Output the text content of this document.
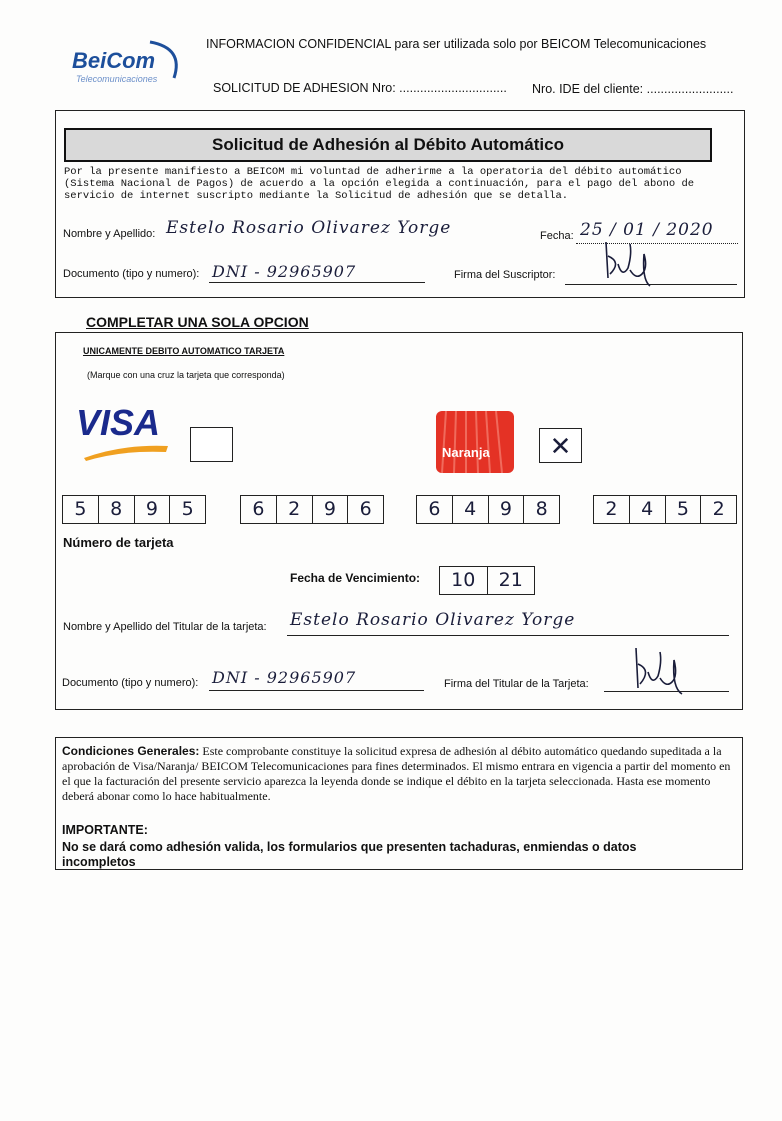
BeiCom
Telecomunicaciones
INFORMACION CONFIDENCIAL para ser utilizada solo por BEICOM Telecomunicaciones
SOLICITUD DE ADHESION Nro: ............................... Nro. IDE del cliente: .........................
Solicitud de Adhesión al Débito Automático
Por la presente manifiesto a BEICOM mi voluntad de adherirme a la operatoria del débito automático (Sistema Nacional de Pagos) de acuerdo a la opción elegida a continuación, para el pago del abono de servicio de internet suscripto mediante la Solicitud de adhesión que se detalla.
Nombre y Apellido: Estelo Rosario Olivarez Yorge	Fecha: 25 / 01 / 2020
Documento (tipo y numero): DNI - 92965907	Firma del Suscriptor:
COMPLETAR UNA SOLA OPCION
UNICAMENTE DEBITO AUTOMATICO TARJETA
(Marque con una cruz la tarjeta que corresponda)
VISA
Naranja	✕
5	8	9	5	6	2	9	6	6	4	9	8	2	4	5	2
Número de tarjeta
Fecha de Vencimiento:	10	21
Nombre y Apellido del Titular de la tarjeta: Estelo Rosario Olivarez Yorge
Documento (tipo y numero): DNI - 92965907	Firma del Titular de la Tarjeta:
Condiciones Generales: Este comprobante constituye la solicitud expresa de adhesión al débito automático quedando supeditada a la aprobación de Visa/Naranja/ BEICOM Telecomunicaciones para fines determinados. El mismo entrara en vigencia a partir del momento en el que la facturación del presente servicio aparezca la leyenda donde se indique el débito en la tarjeta seleccionada. Hasta ese momento deberá abonar como lo hace habitualmente.
IMPORTANTE:
No se dará como adhesión valida, los formularios que presenten tachaduras, enmiendas o datos incompletos
